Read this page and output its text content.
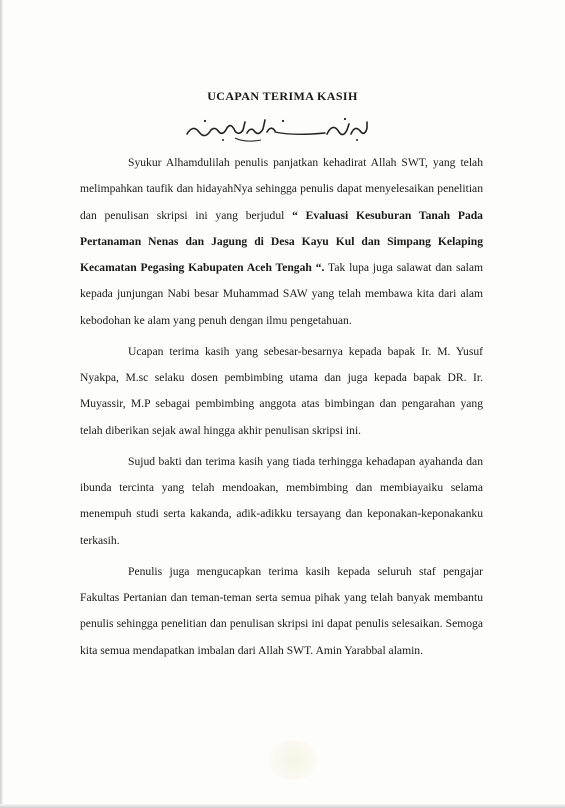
UCAPAN TERIMA KASIH

Syukur Alhamdulilah penulis panjatkan kehadirat Allah SWT, yang telah melimpahkan taufik dan hidayahNya sehingga penulis dapat menyelesaikan penelitian dan penulisan skripsi ini yang berjudul “ Evaluasi Kesuburan Tanah Pada Pertanaman Nenas dan Jagung di Desa Kayu Kul dan Simpang Kelaping Kecamatan Pegasing Kabupaten Aceh Tengah “. Tak lupa juga salawat dan salam kepada junjungan Nabi besar Muhammad SAW yang telah membawa kita dari alam kebodohan ke alam yang penuh dengan ilmu pengetahuan.

Ucapan terima kasih yang sebesar-besarnya kepada bapak Ir. M. Yusuf Nyakpa, M.sc selaku dosen pembimbing utama dan juga kepada bapak DR. Ir. Muyassir, M.P sebagai pembimbing anggota atas bimbingan dan pengarahan yang telah diberikan sejak awal hingga akhir penulisan skripsi ini.

Sujud bakti dan terima kasih yang tiada terhingga kehadapan ayahanda dan ibunda tercinta yang telah mendoakan, membimbing dan membiayaiku selama menempuh studi serta kakanda, adik-adikku tersayang dan keponakan-keponakanku terkasih.

Penulis juga mengucapkan terima kasih kepada seluruh staf pengajar Fakultas Pertanian dan teman-teman serta semua pihak yang telah banyak membantu penulis sehingga penelitian dan penulisan skripsi ini dapat penulis selesaikan. Semoga kita semua mendapatkan imbalan dari Allah SWT. Amin Yarabbal alamin.
